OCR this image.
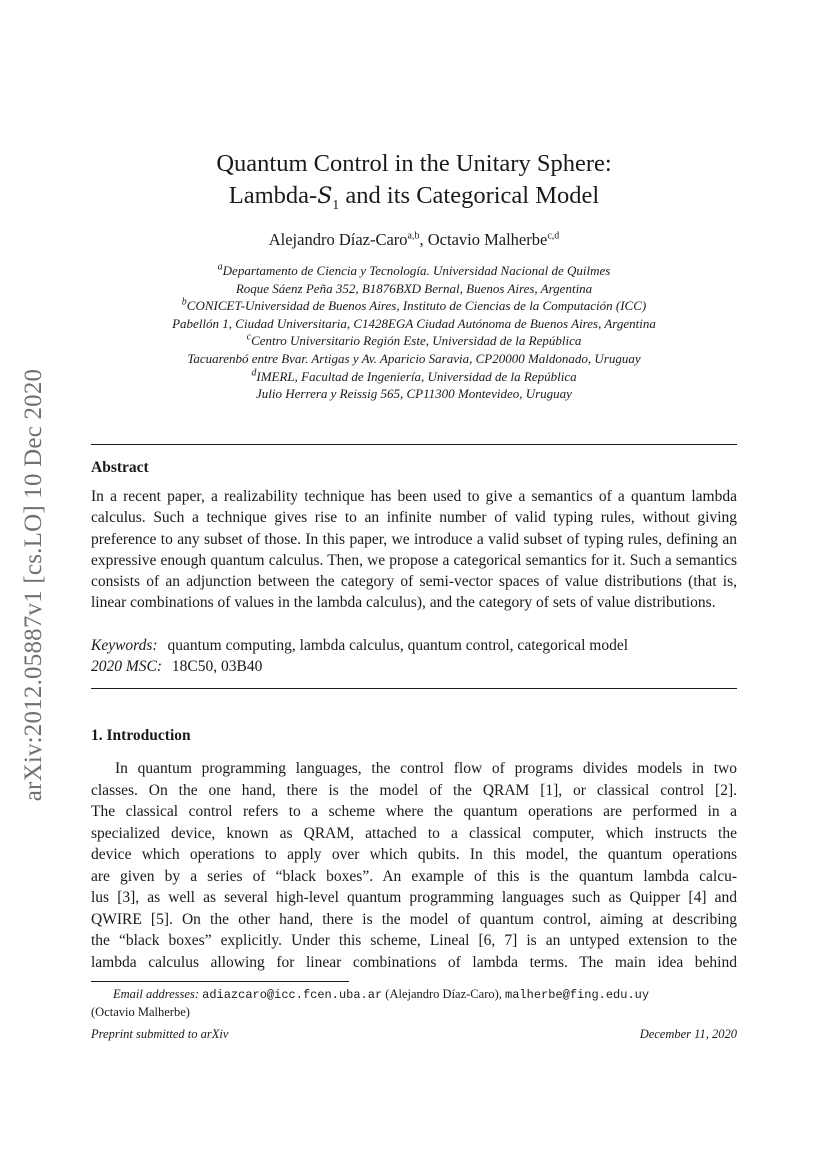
arXiv:2012.05887v1 [cs.LO] 10 Dec 2020
Quantum Control in the Unitary Sphere:
Lambda-$S_1$ and its Categorical Model
Alejandro Díaz-Caro$^{a,b}$, Octavio Malherbe$^{c,d}$
$^a$Departamento de Ciencia y Tecnología. Universidad Nacional de Quilmes
Roque Sáenz Peña 352, B1876BXD Bernal, Buenos Aires, Argentina
$^b$CONICET-Universidad de Buenos Aires, Instituto de Ciencias de la Computación (ICC)
Pabellón 1, Ciudad Universitaria, C1428EGA Ciudad Autónoma de Buenos Aires, Argentina
$^c$Centro Universitario Región Este, Universidad de la República
Tacuarenbó entre Bvar. Artigas y Av. Aparicio Saravia, CP20000 Maldonado, Uruguay
$^d$IMERL, Facultad de Ingeniería, Universidad de la República
Julio Herrera y Reissig 565, CP11300 Montevideo, Uruguay
Abstract
In a recent paper, a realizability technique has been used to give a semantics of a quantum lambda calculus. Such a technique gives rise to an infinite number of valid typing rules, without giving preference to any subset of those. In this paper, we introduce a valid subset of typing rules, defining an expressive enough quantum calculus. Then, we propose a categorical semantics for it. Such a semantics consists of an adjunction between the category of semi-vector spaces of value distributions (that is, linear combinations of values in the lambda calculus), and the category of sets of value distributions.
Keywords: quantum computing, lambda calculus, quantum control, categorical model
2020 MSC: 18C50, 03B40
1. Introduction
In quantum programming languages, the control flow of programs divides models in two
classes. On the one hand, there is the model of the QRAM [1], or classical control [2].
The classical control refers to a scheme where the quantum operations are performed in a
specialized device, known as QRAM, attached to a classical computer, which instructs the
device which operations to apply over which qubits. In this model, the quantum operations
are given by a series of “black boxes”. An example of this is the quantum lambda calcu-
lus [3], as well as several high-level quantum programming languages such as Quipper [4] and
QWIRE [5]. On the other hand, there is the model of quantum control, aiming at describing
the “black boxes” explicitly. Under this scheme, Lineal [6, 7] is an untyped extension to the
lambda calculus allowing for linear combinations of lambda terms. The main idea behind
Email addresses: adiazcaro@icc.fcen.uba.ar (Alejandro Díaz-Caro), malherbe@fing.edu.uy
(Octavio Malherbe)
Preprint submitted to arXiv	December 11, 2020
